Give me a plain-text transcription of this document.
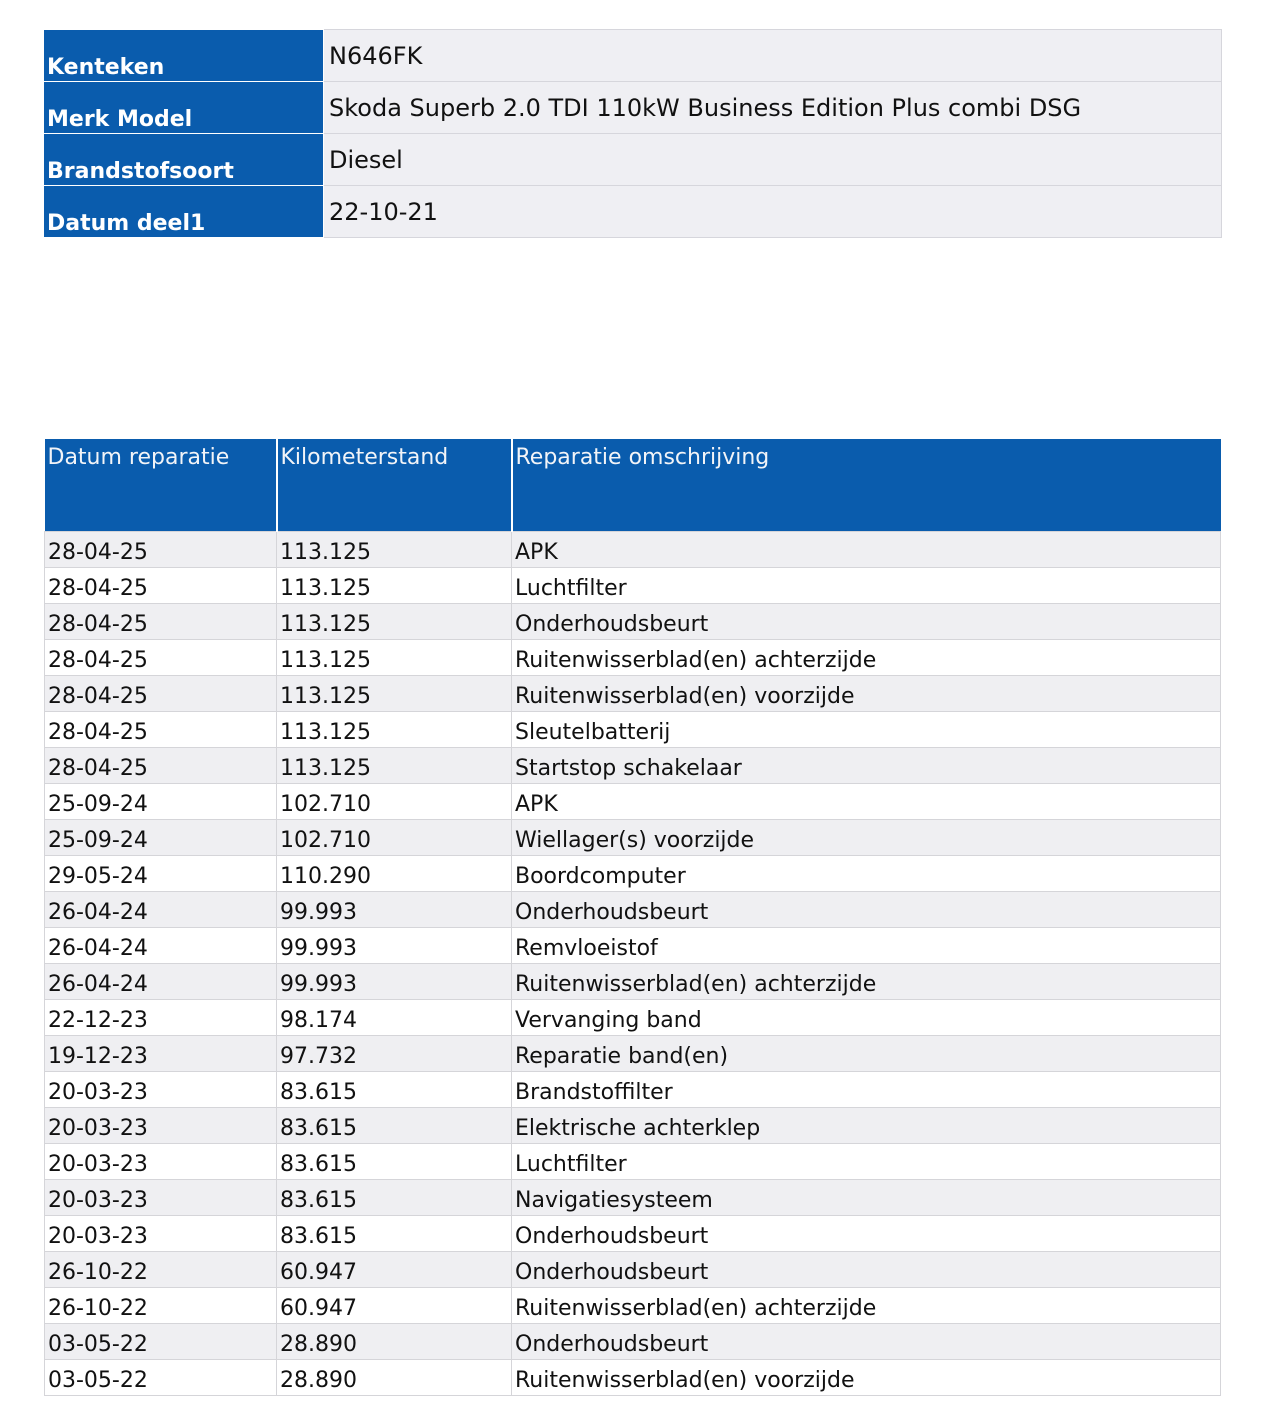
Kenteken	N646FK

Merk Model	Skoda Superb 2.0 TDI 110kW Business Edition Plus combi DSG

Brandstofsoort	Diesel

Datum deel1	22-10-21
Datum reparatie	Kilometerstand	Reparatie omschrijving
28-04-25	113.125	APK
28-04-25	113.125	Luchtfilter
28-04-25	113.125	Onderhoudsbeurt
28-04-25	113.125	Ruitenwisserblad(en) achterzijde
28-04-25	113.125	Ruitenwisserblad(en) voorzijde
28-04-25	113.125	Sleutelbatterij
28-04-25	113.125	Startstop schakelaar
25-09-24	102.710	APK
25-09-24	102.710	Wiellager(s) voorzijde
29-05-24	110.290	Boordcomputer
26-04-24	99.993	Onderhoudsbeurt
26-04-24	99.993	Remvloeistof
26-04-24	99.993	Ruitenwisserblad(en) achterzijde
22-12-23	98.174	Vervanging band
19-12-23	97.732	Reparatie band(en)
20-03-23	83.615	Brandstoffilter
20-03-23	83.615	Elektrische achterklep
20-03-23	83.615	Luchtfilter
20-03-23	83.615	Navigatiesysteem
20-03-23	83.615	Onderhoudsbeurt
26-10-22	60.947	Onderhoudsbeurt
26-10-22	60.947	Ruitenwisserblad(en) achterzijde
03-05-22	28.890	Onderhoudsbeurt
03-05-22	28.890	Ruitenwisserblad(en) voorzijde
